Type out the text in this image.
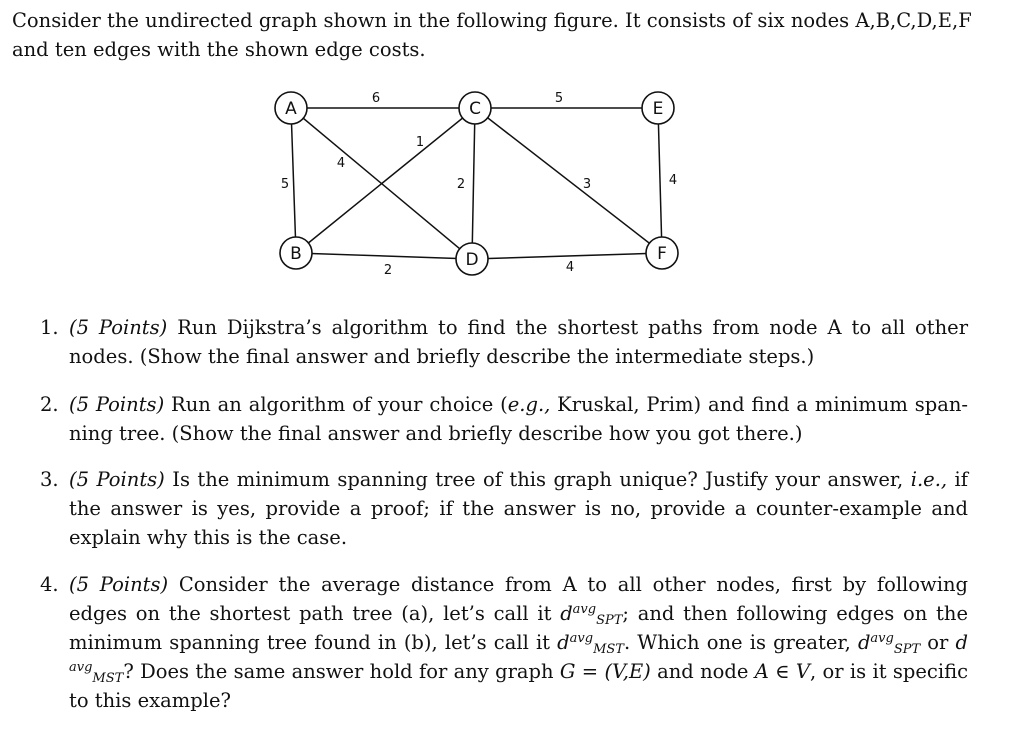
Consider the undirected graph shown in the following figure. It consists of six nodes A,B,C,D,E,F and ten edges with the shown edge costs.

6	5
5
4
1
2	3	4
2	4
A
B
C
D
E
F
1. (5 Points) Run Dijkstra’s algorithm to find the shortest paths from node A to all other nodes. (Show the final answer and briefly describe the intermediate steps.)
2. (5 Points) Run an algorithm of your choice (e.g., Kruskal, Prim) and find a minimum span- ning tree. (Show the final answer and briefly describe how you got there.)
3. (5 Points) Is the minimum spanning tree of this graph unique? Justify your answer, i.e., if the answer is yes, provide a proof; if the answer is no, provide a counter-example and explain why this is the case.
4. (5 Points) Consider the average distance from A to all other nodes, first by following edges on the shortest path tree (a), let’s call it $d^{avg}_{SPT}$; and then following edges on the minimum spanning tree found in (b), let’s call it $d^{avg}_{MST}$. Which one is greater, $d^{avg}_{SPT}$ or $d^{avg}_{MST}$? Does the same answer hold for any graph G = (V,E) and node A ∈ V, or is it specific to this example?
